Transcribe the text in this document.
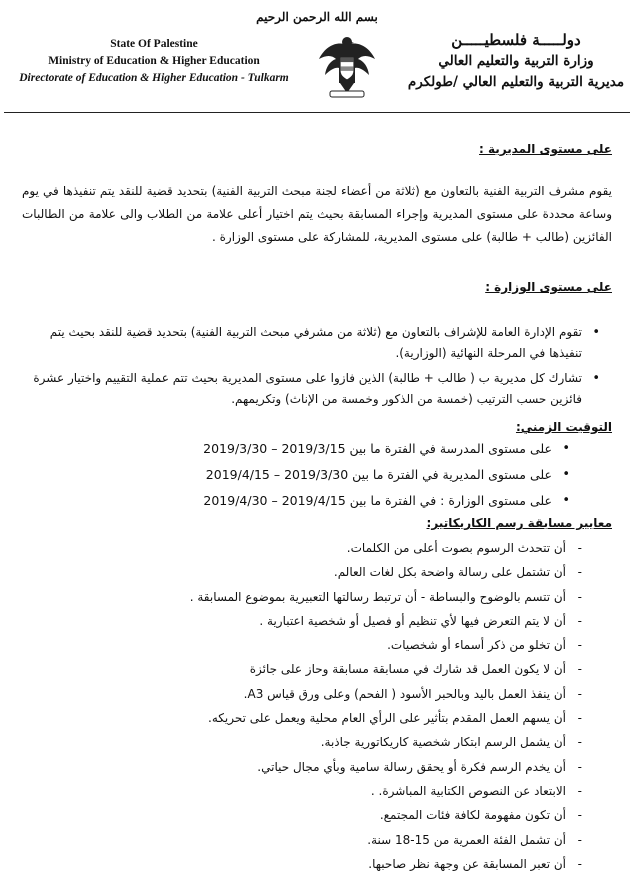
بسم الله الرحمن الرحيم
State Of Palestine
Ministry of Education & Higher Education
Directorate of Education & Higher Education - Tulkarm
دولـــــة فلسطيـــــن
وزارة التربية والتعليم العالي
مديرية التربية والتعليم العالي /طولكرم
على مستوى المديرية :
يقوم مشرف التربية الفنية بالتعاون مع (ثلاثة من أعضاء لجنة مبحث التربية الفنية) بتحديد قضية للنقد يتم تنفيذها في يوم وساعة محددة على مستوى المديرية وإجراء المسابقة بحيث يتم اختيار أعلى علامة من الطلاب والى علامة من الطالبات الفائزين (طالب + طالبة) على مستوى المديرية، للمشاركة على مستوى الوزارة .
على مستوى الوزارة :
• تقوم الإدارة العامة للإشراف بالتعاون مع (ثلاثة من مشرفي مبحث التربية الفنية) بتحديد قضية للنقد بحيث يتم تنفيذها في المرحلة النهائية (الوزارية).
• تشارك كل مديرية ب ( طالب + طالبة) الذين فازوا على مستوى المديرية بحيث تتم عملية التقييم واختيار عشرة فائزين حسب الترتيب (خمسة من الذكور وخمسة من الإناث) وتكريمهم.
التوقيت الزمني:
• على مستوى المدرسة في الفترة ما بين 2019/3/15 – 2019/3/30
• على مستوى المديرية في الفترة ما بين 2019/3/30 – 2019/4/15
• على مستوى الوزارة : في الفترة ما بين 2019/4/15 – 2019/4/30
معايير مسابقة رسم الكاريكاتير:
- أن تتحدث الرسوم بصوت أعلى من الكلمات.
- أن تشتمل على رسالة واضحة بكل لغات العالم.
- أن تتسم بالوضوح والبساطة - أن ترتبط رسالتها التعبيرية بموضوع المسابقة .
- أن لا يتم التعرض فيها لأي تنظيم أو فصيل أو شخصية اعتبارية .
- أن تخلو من ذكر أسماء أو شخصيات.
- أن لا يكون العمل قد شارك في مسابقة مسابقة وحاز على جائزة
- أن ينفذ العمل باليد وبالحبر الأسود ( الفحم) وعلى ورق قياس A3.
- أن يسهم العمل المقدم بتأثير على الرأي العام محلية ويعمل على تحريكه.
- أن يشمل الرسم ابتكار شخصية كاريكاتورية جاذبة.
- أن يخدم الرسم فكرة أو يحقق رسالة سامية وبأي مجال حياتي.
- الابتعاد عن النصوص الكتابية المباشرة. .
- أن تكون مفهومة لكافة فئات المجتمع.
- أن تشمل الفئة العمرية من 15-18 سنة.
- أن تعبر المسابقة عن وجهة نظر صاحبها.
